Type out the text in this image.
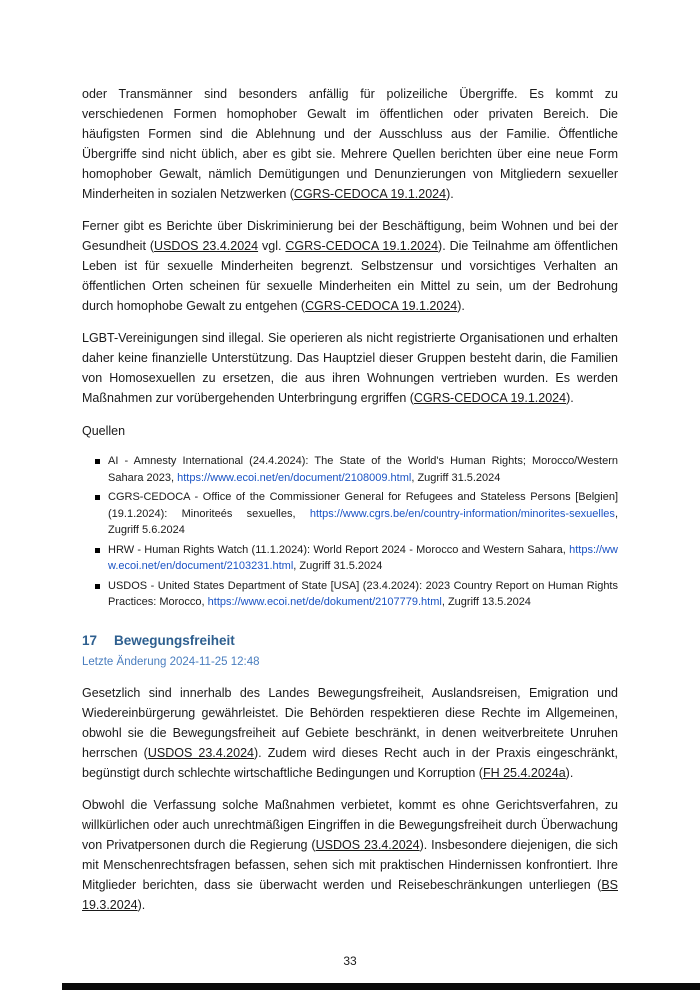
oder Transmänner sind besonders anfällig für polizeiliche Übergriffe. Es kommt zu verschiedenen Formen homophober Gewalt im öffentlichen oder privaten Bereich. Die häufigsten Formen sind die Ablehnung und der Ausschluss aus der Familie. Öffentliche Übergriffe sind nicht üblich, aber es gibt sie. Mehrere Quellen berichten über eine neue Form homophober Gewalt, nämlich Demütigungen und Denunzierungen von Mitgliedern sexueller Minderheiten in sozialen Netzwerken (CGRS-CEDOCA 19.1.2024).

Ferner gibt es Berichte über Diskriminierung bei der Beschäftigung, beim Wohnen und bei der Gesundheit (USDOS 23.4.2024 vgl. CGRS-CEDOCA 19.1.2024). Die Teilnahme am öffentlichen Leben ist für sexuelle Minderheiten begrenzt. Selbstzensur und vorsichtiges Verhalten an öffentlichen Orten scheinen für sexuelle Minderheiten ein Mittel zu sein, um der Bedrohung durch homophobe Gewalt zu entgehen (CGRS-CEDOCA 19.1.2024).

LGBT-Vereinigungen sind illegal. Sie operieren als nicht registrierte Organisationen und erhalten daher keine finanzielle Unterstützung. Das Hauptziel dieser Gruppen besteht darin, die Familien von Homosexuellen zu ersetzen, die aus ihren Wohnungen vertrieben wurden. Es werden Maßnahmen zur vorübergehenden Unterbringung ergriffen (CGRS-CEDOCA 19.1.2024).

Quellen
AI - Amnesty International (24.4.2024): The State of the World's Human Rights; Morocco/Western Sahara 2023, https://www.ecoi.net/en/document/2108009.html, Zugriff 31.5.2024
CGRS-CEDOCA - Office of the Commissioner General for Refugees and Stateless Persons [Belgien] (19.1.2024): Minoriteés sexuelles, https://www.cgrs.be/en/country-information/minorites-sexuelles, Zugriff 5.6.2024
HRW - Human Rights Watch (11.1.2024): World Report 2024 - Morocco and Western Sahara, https://www.ecoi.net/en/document/2103231.html, Zugriff 31.5.2024
USDOS - United States Department of State [USA] (23.4.2024): 2023 Country Report on Human Rights Practices: Morocco, https://www.ecoi.net/de/dokument/2107779.html, Zugriff 13.5.2024
17 Bewegungsfreiheit
Letzte Änderung 2024-11-25 12:48

Gesetzlich sind innerhalb des Landes Bewegungsfreiheit, Auslandsreisen, Emigration und Wiedereinbürgerung gewährleistet. Die Behörden respektieren diese Rechte im Allgemeinen, obwohl sie die Bewegungsfreiheit auf Gebiete beschränkt, in denen weitverbreitete Unruhen herrschen (USDOS 23.4.2024). Zudem wird dieses Recht auch in der Praxis eingeschränkt, begünstigt durch schlechte wirtschaftliche Bedingungen und Korruption (FH 25.4.2024a).

Obwohl die Verfassung solche Maßnahmen verbietet, kommt es ohne Gerichtsverfahren, zu willkürlichen oder auch unrechtmäßigen Eingriffen in die Bewegungsfreiheit durch Überwachung von Privatpersonen durch die Regierung (USDOS 23.4.2024). Insbesondere diejenigen, die sich mit Menschenrechtsfragen befassen, sehen sich mit praktischen Hindernissen konfrontiert. Ihre Mitglieder berichten, dass sie überwacht werden und Reisebeschränkungen unterliegen (BS 19.3.2024).

33
